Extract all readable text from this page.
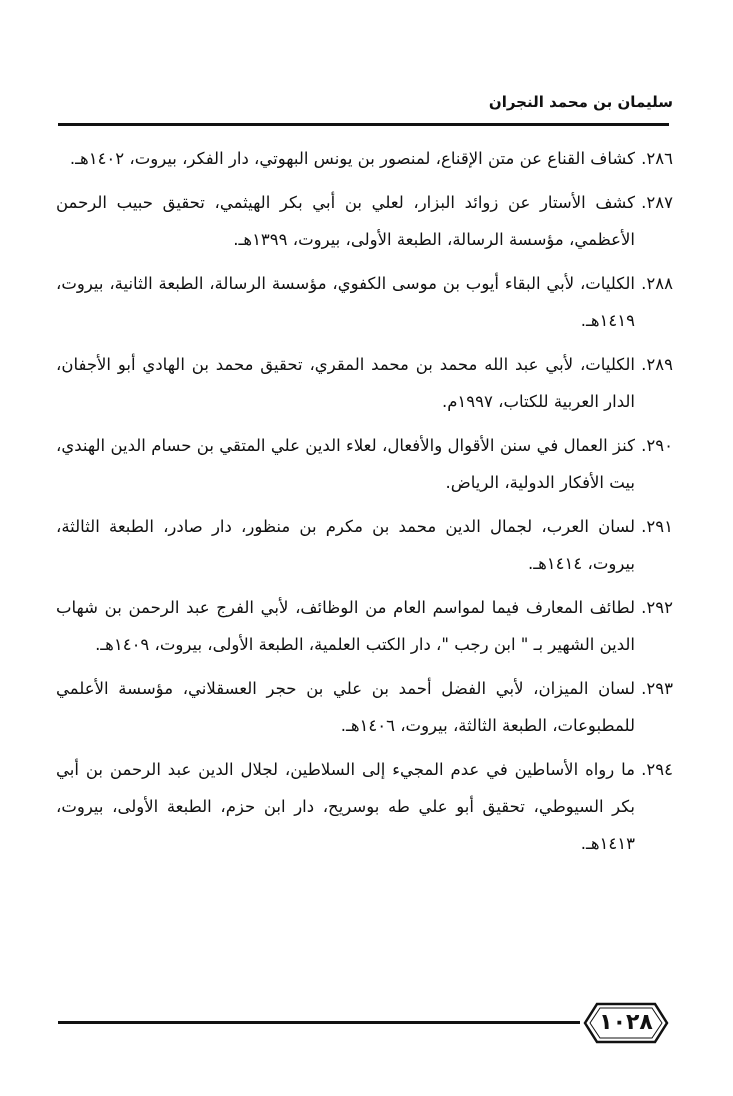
سليمان بن محمد النجران
٢٨٦.
كشاف القناع عن متن الإقناع، لمنصور بن يونس البهوتي، دار الفكر، بيروت، ١٤٠٢هـ.
٢٨٧.
كشف الأستار عن زوائد البزار، لعلي بن أبي بكر الهيثمي، تحقيق حبيب الرحمن الأعظمي، مؤسسة الرسالة، الطبعة الأولى، بيروت، ١٣٩٩هـ.
٢٨٨.
الكليات، لأبي البقاء أيوب بن موسى الكفوي، مؤسسة الرسالة، الطبعة الثانية، بيروت، ١٤١٩هـ.
٢٨٩.
الكليات، لأبي عبد الله محمد بن محمد المقري، تحقيق محمد بن الهادي أبو الأجفان، الدار العربية للكتاب، ١٩٩٧م.
٢٩٠.
كنز العمال في سنن الأقوال والأفعال، لعلاء الدين علي المتقي بن حسام الدين الهندي، بيت الأفكار الدولية، الرياض.
٢٩١.
لسان العرب، لجمال الدين محمد بن مكرم بن منظور، دار صادر، الطبعة الثالثة، بيروت، ١٤١٤هـ.
٢٩٢.
لطائف المعارف فيما لمواسم العام من الوظائف، لأبي الفرج عبد الرحمن بن شهاب الدين الشهير بـ " ابن رجب "، دار الكتب العلمية، الطبعة الأولى، بيروت، ١٤٠٩هـ.
٢٩٣.
لسان الميزان، لأبي الفضل أحمد بن علي بن حجر العسقلاني، مؤسسة الأعلمي للمطبوعات، الطبعة الثالثة، بيروت، ١٤٠٦هـ.
٢٩٤.
ما رواه الأساطين في عدم المجيء إلى السلاطين، لجلال الدين عبد الرحمن بن أبي بكر السيوطي، تحقيق أبو علي طه بوسريح، دار ابن حزم، الطبعة الأولى، بيروت، ١٤١٣هـ.
١٠٢٨
